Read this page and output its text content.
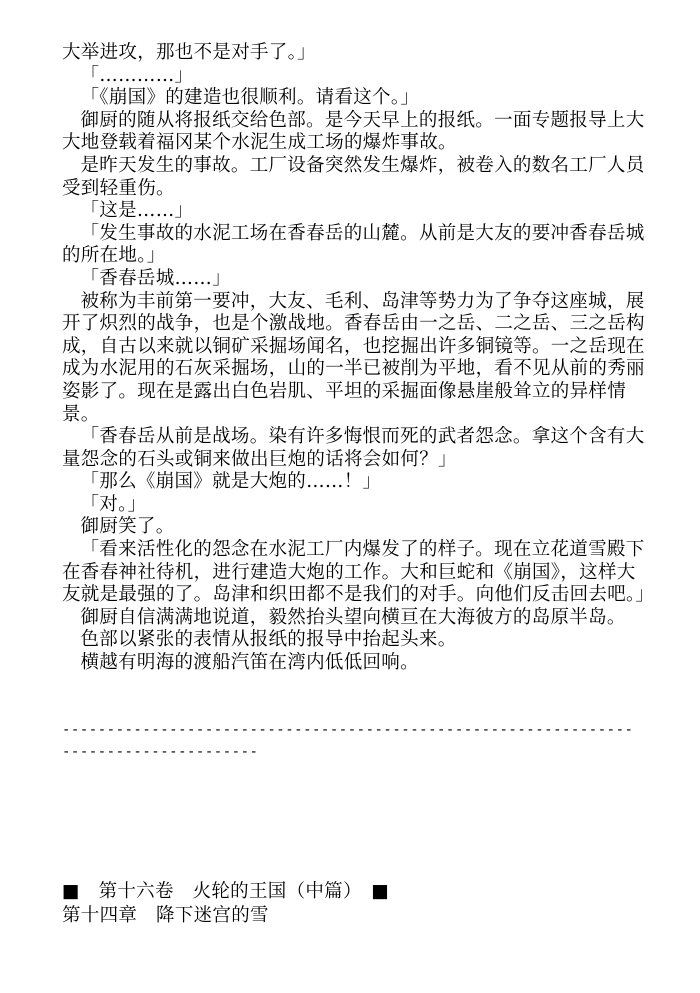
大举进攻，那也不是对手了。」

「…………」

「《崩国》的建造也很顺利。请看这个。」

御厨的随从将报纸交给色部。是今天早上的报纸。一面专题报导上大大地登载着福冈某个水泥生成工场的爆炸事故。

是昨天发生的事故。工厂设备突然发生爆炸，被卷入的数名工厂人员受到轻重伤。

「这是……」

「发生事故的水泥工场在香春岳的山麓。从前是大友的要冲香春岳城的所在地。」

「香春岳城……」

被称为丰前第一要冲，大友、毛利、岛津等势力为了争夺这座城，展开了炽烈的战争，也是个激战地。香春岳由一之岳、二之岳、三之岳构成，自古以来就以铜矿采掘场闻名，也挖掘出许多铜镜等。一之岳现在成为水泥用的石灰采掘场，山的一半已被削为平地，看不见从前的秀丽姿影了。现在是露出白色岩肌、平坦的采掘面像悬崖般耸立的异样情景。

「香春岳从前是战场。染有许多悔恨而死的武者怨念。拿这个含有大量怨念的石头或铜来做出巨炮的话将会如何？」

「那么《崩国》就是大炮的……！」

「对。」

御厨笑了。

「看来活性化的怨念在水泥工厂内爆发了的样子。现在立花道雪殿下在香春神社待机，进行建造大炮的工作。大和巨蛇和《崩国》，这样大友就是最强的了。岛津和织田都不是我们的对手。向他们反击回去吧。」

御厨自信满满地说道，毅然抬头望向横亘在大海彼方的岛原半岛。

色部以紧张的表情从报纸的报导中抬起头来。

横越有明海的渡船汽笛在湾内低低回响。

--------------------------------------------------------------------------------------
■　第十六卷　火轮的王国（中篇）　■
第十四章　降下迷宫的雪
